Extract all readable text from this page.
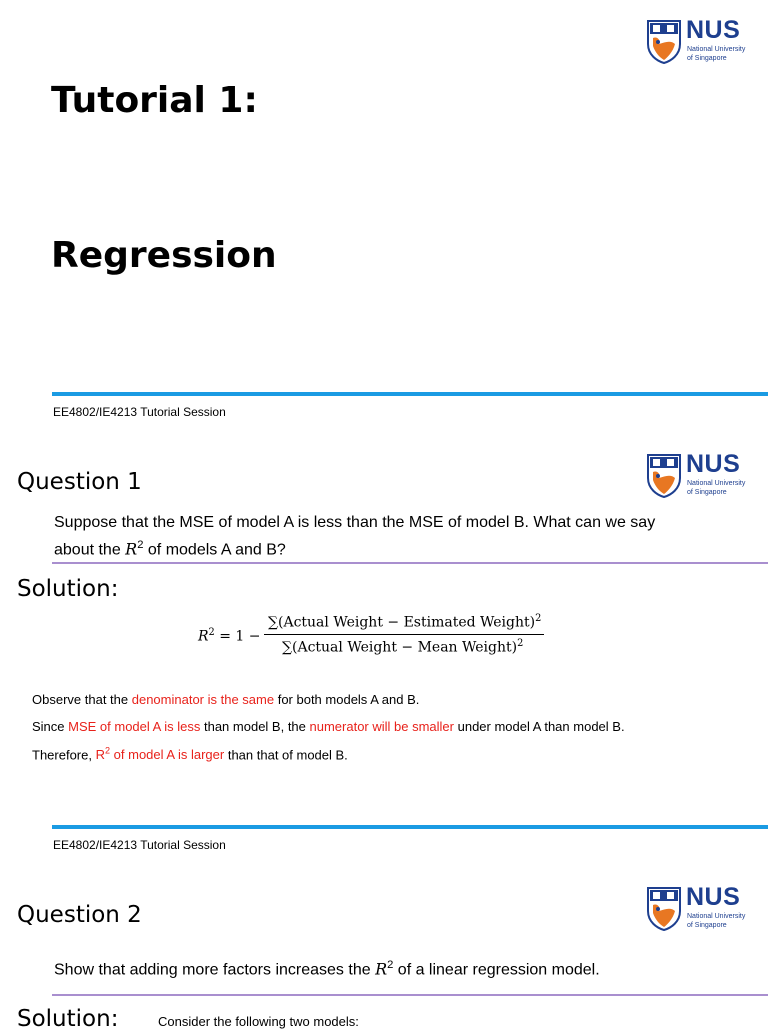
NUS
National University
of Singapore
Tutorial 1:
Regression
EE4802/IE4213 Tutorial Session
NUS
National University
of Singapore
Question 1
Suppose that the MSE of model A is less than the MSE of model B. What can we say about the $R^2$ of models A and B?
Solution:
$R^2 = 1$ −
∑(Actual Weight − Estimated Weight)$^2$
∑(Actual Weight − Mean Weight)$^2$
Observe that the denominator is the same for both models A and B.
Since MSE of model A is less than model B, the numerator will be smaller under model A than model B.
Therefore, $R^2$ of model A is larger than that of model B.
EE4802/IE4213 Tutorial Session
NUS
National University
of Singapore
Question 2
Show that adding more factors increases the $R^2$ of a linear regression model.
Solution:	Consider the following two models:
